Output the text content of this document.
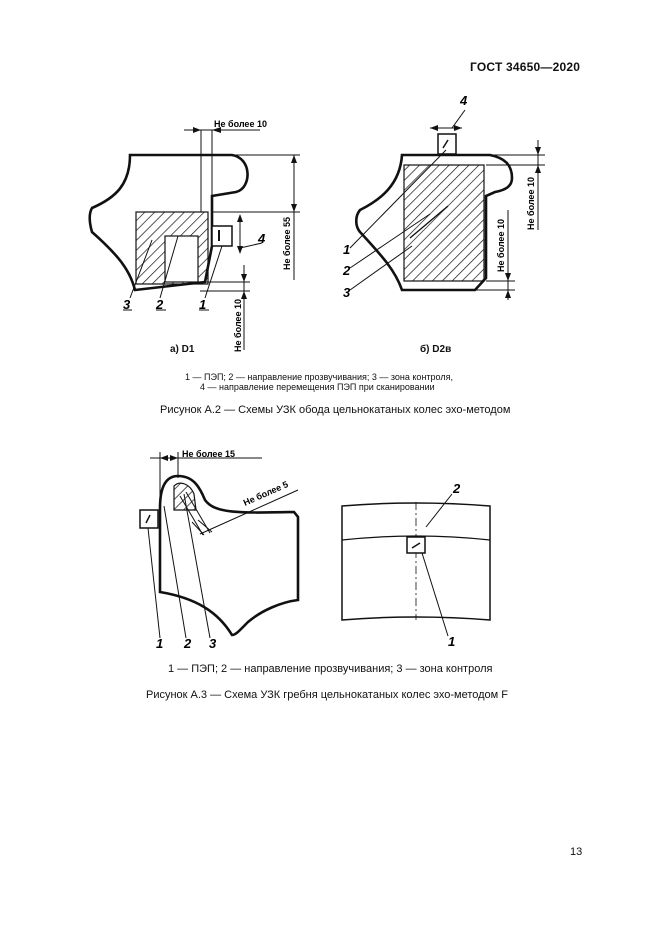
ГОСТ 34650—2020
Не более 10
Не более 55
Не более 10
4
3 2	1
4
Не более 10
Не более 10
1
2
3
Не более 15
Не более 5
1 2 3
2
1
а) D1	б) D2в
1 — ПЭП; 2 — направление прозвучивания; 3 — зона контроля,
4 — направление перемещения ПЭП при сканировании
Рисунок А.2 — Схемы УЗК обода цельнокатаных колес эхо-методом
1 — ПЭП; 2 — направление прозвучивания; 3 — зона контроля
Рисунок А.3 — Схема УЗК гребня цельнокатаных колес эхо-методом F
13
